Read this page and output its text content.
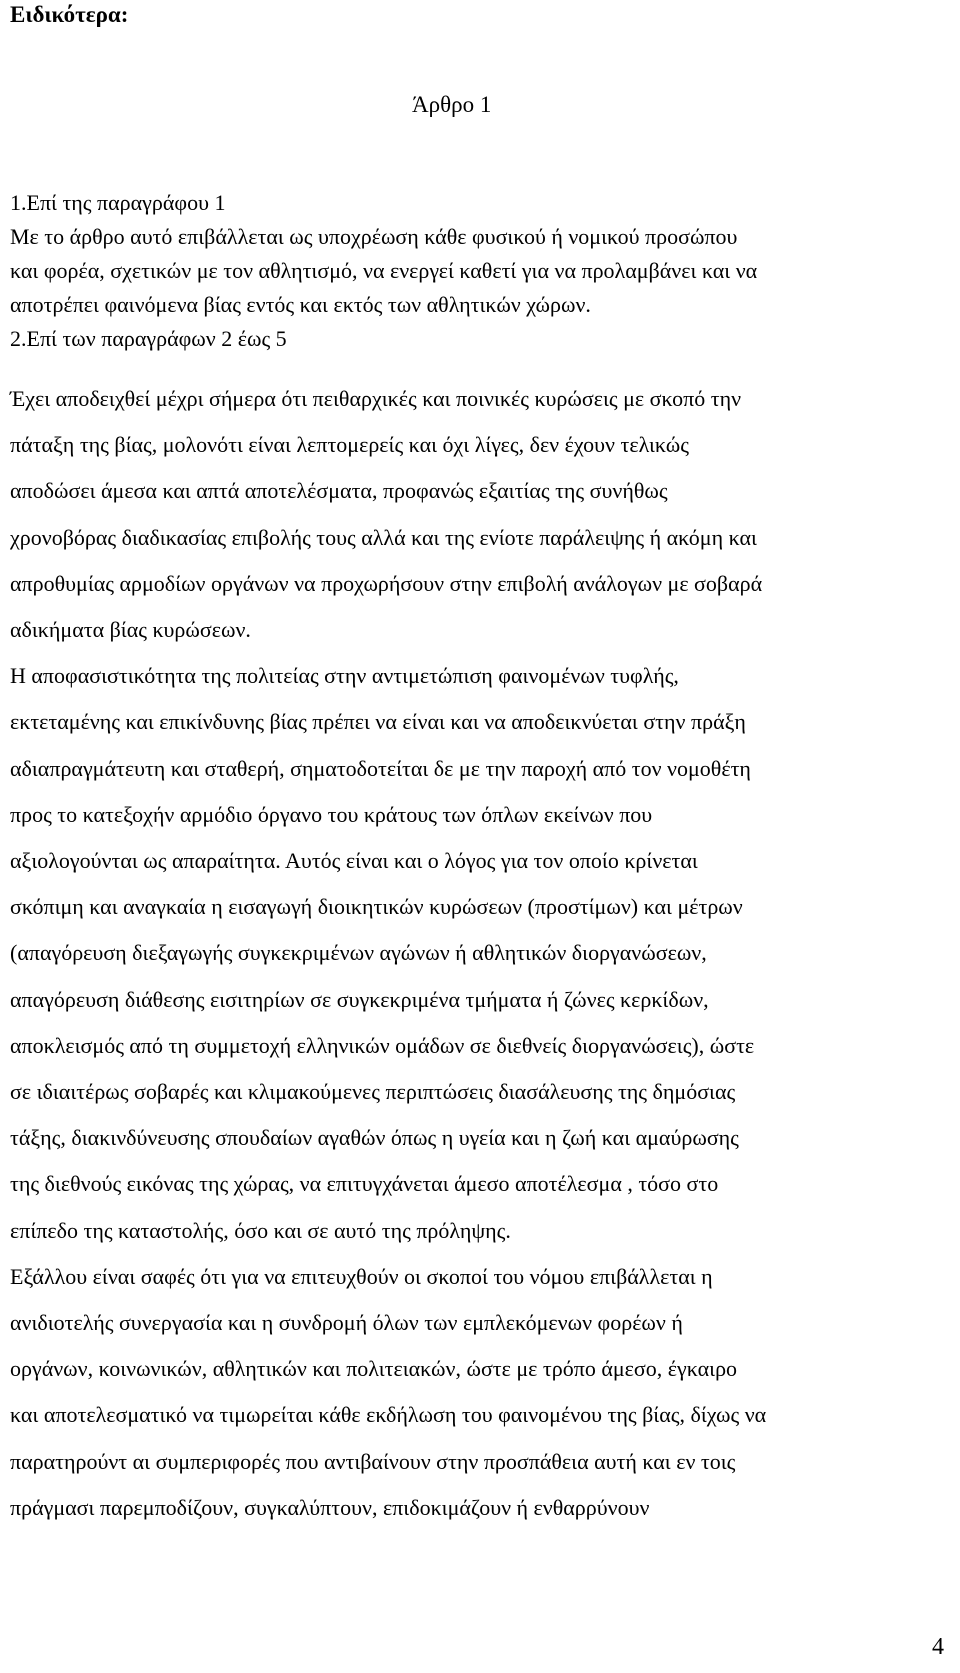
Ειδικότερα:
Άρθρο 1
1.Επί της παραγράφου 1
Με το άρθρο αυτό επιβάλλεται ως υποχρέωση κάθε φυσικού ή νομικού προσώπου
και φορέα, σχετικών με τον αθλητισμό, να ενεργεί καθετί για να προλαμβάνει και να
αποτρέπει φαινόμενα βίας εντός και εκτός των αθλητικών χώρων.
2.Επί των παραγράφων 2 έως 5
Έχει αποδειχθεί μέχρι σήμερα ότι πειθαρχικές και ποινικές κυρώσεις με σκοπό την
πάταξη της βίας, μολονότι είναι λεπτομερείς και όχι λίγες, δεν έχουν τελικώς
αποδώσει άμεσα και απτά αποτελέσματα, προφανώς εξαιτίας της συνήθως
χρονοβόρας διαδικασίας επιβολής τους αλλά και της ενίοτε παράλειψης ή ακόμη και
απροθυμίας αρμοδίων οργάνων να προχωρήσουν στην επιβολή ανάλογων με σοβαρά
αδικήματα βίας κυρώσεων.
Η αποφασιστικότητα της πολιτείας στην αντιμετώπιση φαινομένων τυφλής,
εκτεταμένης και επικίνδυνης βίας πρέπει να είναι και να αποδεικνύεται στην πράξη
αδιαπραγμάτευτη και σταθερή, σηματοδοτείται δε με την παροχή από τον νομοθέτη
προς το κατεξοχήν αρμόδιο όργανο του κράτους των όπλων εκείνων που
αξιολογούνται ως απαραίτητα. Αυτός είναι και ο λόγος για τον οποίο κρίνεται
σκόπιμη και αναγκαία η εισαγωγή διοικητικών κυρώσεων (προστίμων) και μέτρων
(απαγόρευση διεξαγωγής συγκεκριμένων αγώνων ή αθλητικών διοργανώσεων,
απαγόρευση διάθεσης εισιτηρίων σε συγκεκριμένα τμήματα ή ζώνες κερκίδων,
αποκλεισμός από τη συμμετοχή ελληνικών ομάδων σε διεθνείς διοργανώσεις), ώστε
σε ιδιαιτέρως σοβαρές και κλιμακούμενες περιπτώσεις διασάλευσης της δημόσιας
τάξης, διακινδύνευσης σπουδαίων αγαθών όπως η υγεία και η ζωή και αμαύρωσης
της διεθνούς εικόνας της χώρας, να επιτυγχάνεται άμεσο αποτέλεσμα , τόσο στο
επίπεδο της καταστολής, όσο και σε αυτό της πρόληψης.
Εξάλλου είναι σαφές ότι για να επιτευχθούν οι σκοποί του νόμου επιβάλλεται η
ανιδιοτελής συνεργασία και η συνδρομή όλων των εμπλεκόμενων φορέων ή
οργάνων, κοινωνικών, αθλητικών και πολιτειακών, ώστε με τρόπο άμεσο, έγκαιρο
και αποτελεσματικό να τιμωρείται κάθε εκδήλωση του φαινομένου της βίας, δίχως να
παρατηρούντ αι συμπεριφορές που αντιβαίνουν στην προσπάθεια αυτή και εν τοις
πράγμασι παρεμποδίζουν, συγκαλύπτουν, επιδοκιμάζουν ή ενθαρρύνουν
4
